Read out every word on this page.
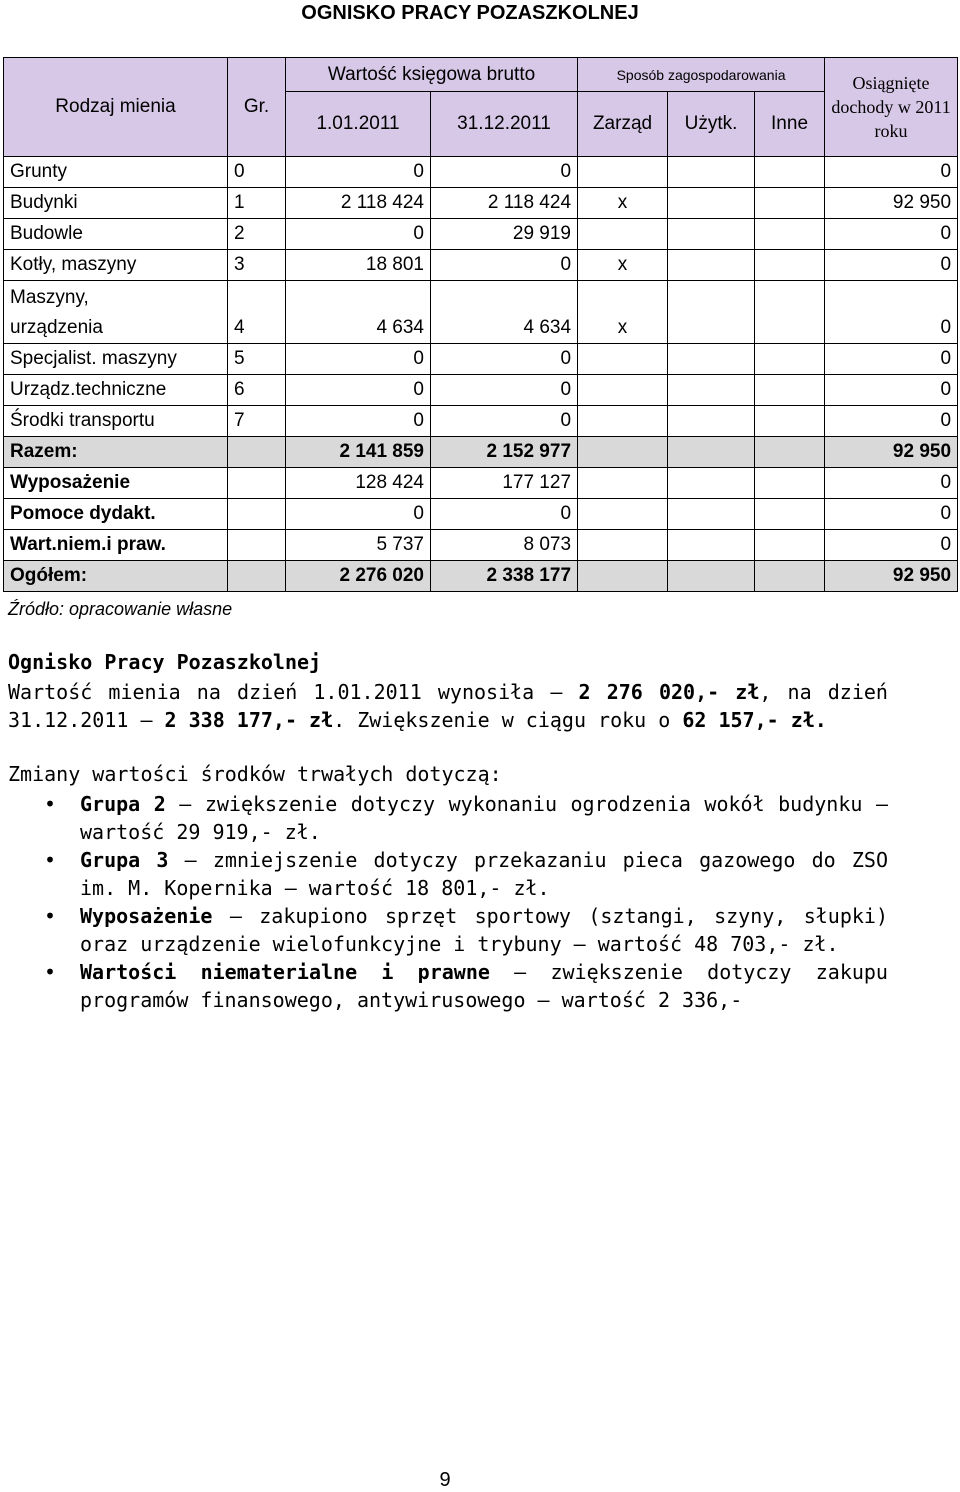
OGNISKO PRACY POZASZKOLNEJ
Rodzaj mienia	Gr.	Wartość księgowa brutto		Sposób zagospodarowania			Osiągnięte dochody w 2011 roku
		1.01.2011	31.12.2011	Zarząd	Użytk.	Inne	
Grunty	0	0	0				0
Budynki	1	2 118 424	2 118 424	x			92 950
Budowle	2	0	29 919				0
Kotły, maszyny	3	18 801	0	x			0

Maszyny,
urządzenia	4	4 634	4 634	x			0
Specjalist. maszyny	5	0	0				0
Urządz.techniczne	6	0	0				0
Środki transportu	7	0	0				0
Razem:		2 141 859	2 152 977				92 950
Wyposażenie		128 424	177 127				0
Pomoce dydakt.		0	0				0
Wart.niem.i praw.		5 737	8 073				0
Ogółem:		2 276 020	2 338 177				92 950
Źródło: opracowanie własne
Ognisko Pracy Pozaszkolnej
Wartość mienia na dzień 1.01.2011 wynosiła – 2 276 020,- zł, na dzień 31.12.2011 – 2 338 177,- zł. Zwiększenie w ciągu roku o 62 157,- zł.
Zmiany wartości środków trwałych dotyczą:
• Grupa 2 – zwiększenie dotyczy wykonaniu ogrodzenia wokół budynku – wartość 29 919,- zł.
• Grupa 3 – zmniejszenie dotyczy przekazaniu pieca gazowego do ZSO im. M. Kopernika – wartość 18 801,- zł.
• Wyposażenie – zakupiono sprzęt sportowy (sztangi, szyny, słupki) oraz urządzenie wielofunkcyjne i trybuny – wartość 48 703,- zł.
• Wartości niematerialne i prawne – zwiększenie dotyczy zakupu programów finansowego, antywirusowego – wartość 2 336,-
9
